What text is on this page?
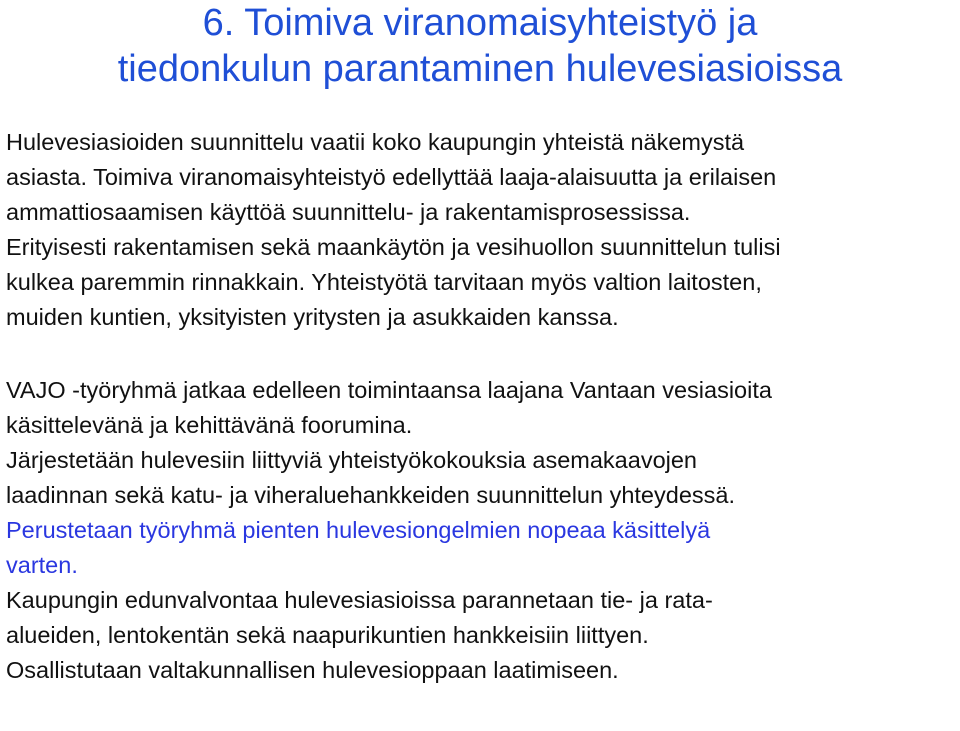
6. Toimiva viranomaisyhteistyö ja
tiedonkulun parantaminen hulevesiasioissa

Hulevesiasioiden suunnittelu vaatii koko kaupungin yhteistä näkemystä
asiasta. Toimiva viranomaisyhteistyö edellyttää laaja-alaisuutta ja erilaisen
ammattiosaamisen käyttöä suunnittelu- ja rakentamisprosessissa.
Erityisesti rakentamisen sekä maankäytön ja vesihuollon suunnittelun tulisi
kulkea paremmin rinnakkain. Yhteistyötä tarvitaan myös valtion laitosten,
muiden kuntien, yksityisten yritysten ja asukkaiden kanssa.

VAJO -työryhmä jatkaa edelleen toimintaansa laajana Vantaan vesiasioita
käsittelevänä ja kehittävänä foorumina.

Järjestetään hulevesiin liittyviä yhteistyökokouksia asemakaavojen
laadinnan sekä katu- ja viheraluehankkeiden suunnittelun yhteydessä.

Perustetaan työryhmä pienten hulevesiongelmien nopeaa käsittelyä
varten.

Kaupungin edunvalvontaa hulevesiasioissa parannetaan tie- ja rata-
alueiden, lentokentän sekä naapurikuntien hankkeisiin liittyen.

Osallistutaan valtakunnallisen hulevesioppaan laatimiseen.
